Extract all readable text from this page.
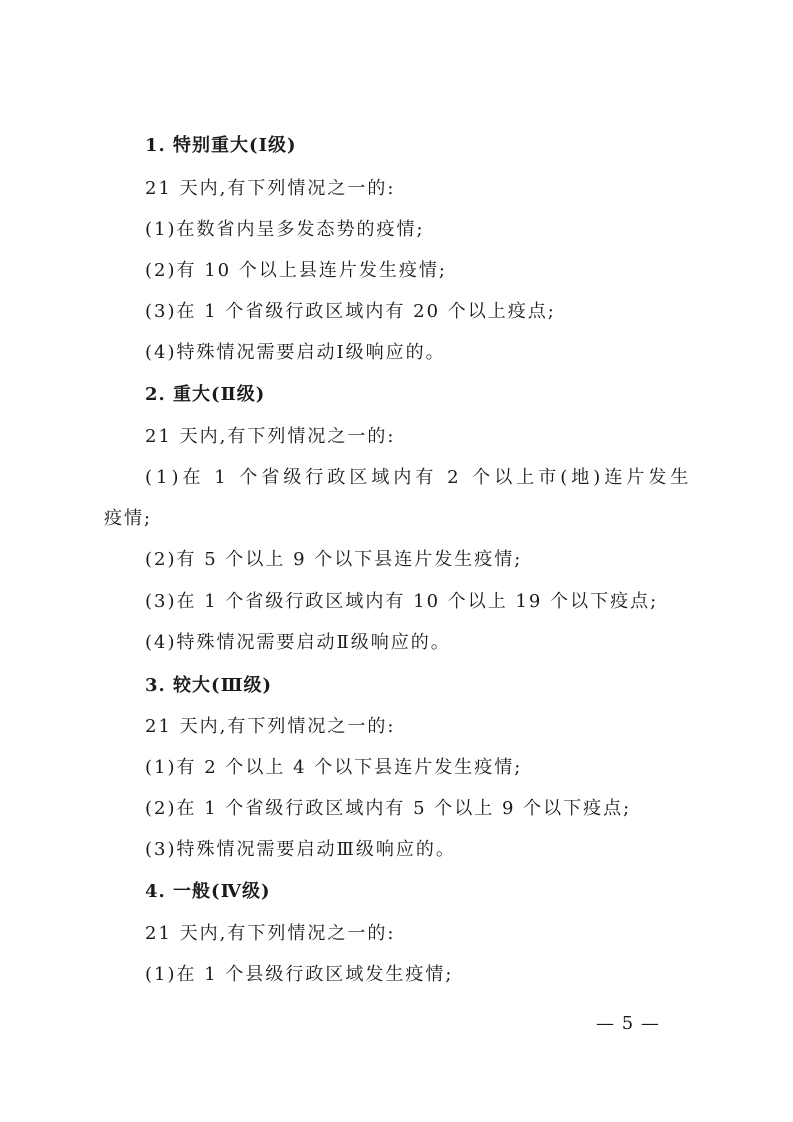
1. 特别重大(Ⅰ级)
21 天内,有下列情况之一的:
(1)在数省内呈多发态势的疫情;
(2)有 10 个以上县连片发生疫情;
(3)在 1 个省级行政区域内有 20 个以上疫点;
(4)特殊情况需要启动Ⅰ级响应的。
2. 重大(Ⅱ级)
21 天内,有下列情况之一的:
(1)在 1 个省级行政区域内有 2 个以上市(地)连片发生
疫情;
(2)有 5 个以上 9 个以下县连片发生疫情;
(3)在 1 个省级行政区域内有 10 个以上 19 个以下疫点;
(4)特殊情况需要启动Ⅱ级响应的。
3. 较大(Ⅲ级)
21 天内,有下列情况之一的:
(1)有 2 个以上 4 个以下县连片发生疫情;
(2)在 1 个省级行政区域内有 5 个以上 9 个以下疫点;
(3)特殊情况需要启动Ⅲ级响应的。
4. 一般(Ⅳ级)
21 天内,有下列情况之一的:
(1)在 1 个县级行政区域发生疫情;
— 5 —
